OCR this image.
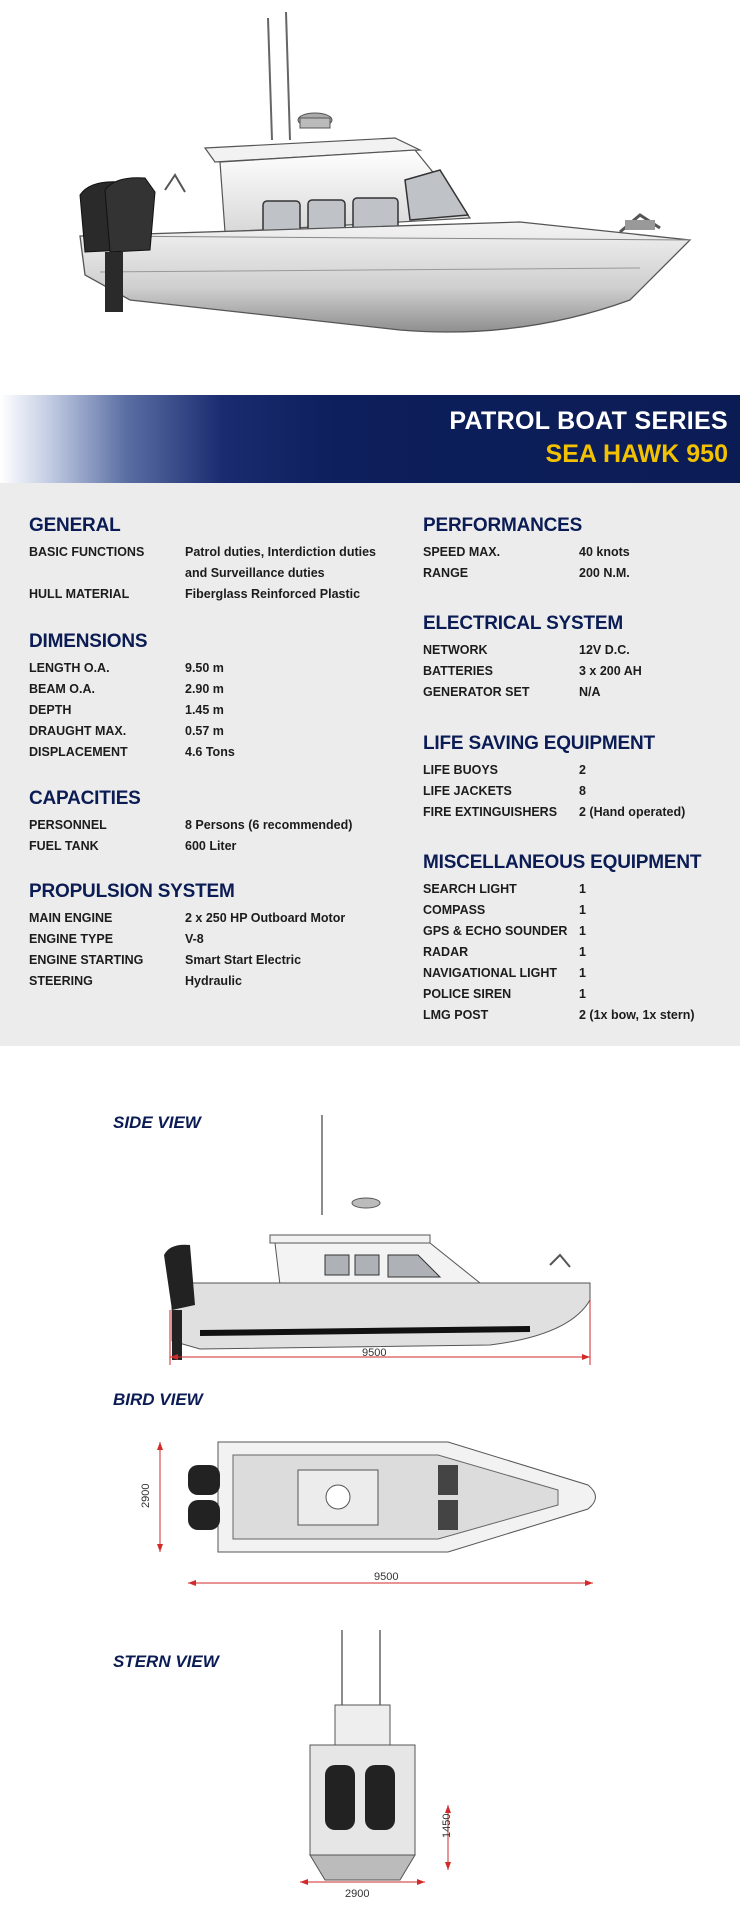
PATROL BOAT SERIES
SEA HAWK 950
GENERAL
BASIC FUNCTIONS	Patrol duties, Interdiction duties
and Surveillance duties
HULL MATERIAL	Fiberglass Reinforced Plastic
DIMENSIONS
LENGTH O.A.	9.50 m
BEAM O.A.	2.90 m
DEPTH	1.45 m
DRAUGHT MAX.	0.57 m
DISPLACEMENT	4.6 Tons
CAPACITIES
PERSONNEL	8 Persons (6 recommended)
FUEL TANK	600 Liter
PROPULSION SYSTEM
MAIN ENGINE	2 x 250 HP Outboard Motor
ENGINE TYPE	V-8
ENGINE STARTING	Smart Start Electric
STEERING	Hydraulic
PERFORMANCES
SPEED MAX.	40 knots
RANGE	200 N.M.
ELECTRICAL SYSTEM
NETWORK	12V D.C.
BATTERIES	3 x 200 AH
GENERATOR SET	N/A
LIFE SAVING EQUIPMENT
LIFE BUOYS	2
LIFE JACKETS	8
FIRE EXTINGUISHERS 2 (Hand operated)
MISCELLANEOUS EQUIPMENT
SEARCH LIGHT	1
COMPASS	1
GPS & ECHO SOUNDER 1
RADAR	1
NAVIGATIONAL LIGHT 1
POLICE SIREN	1
LMG POST	2 (1x bow, 1x stern)
SIDE VIEW
9500
BIRD VIEW
2900
9500
STERN VIEW
1450
2900
